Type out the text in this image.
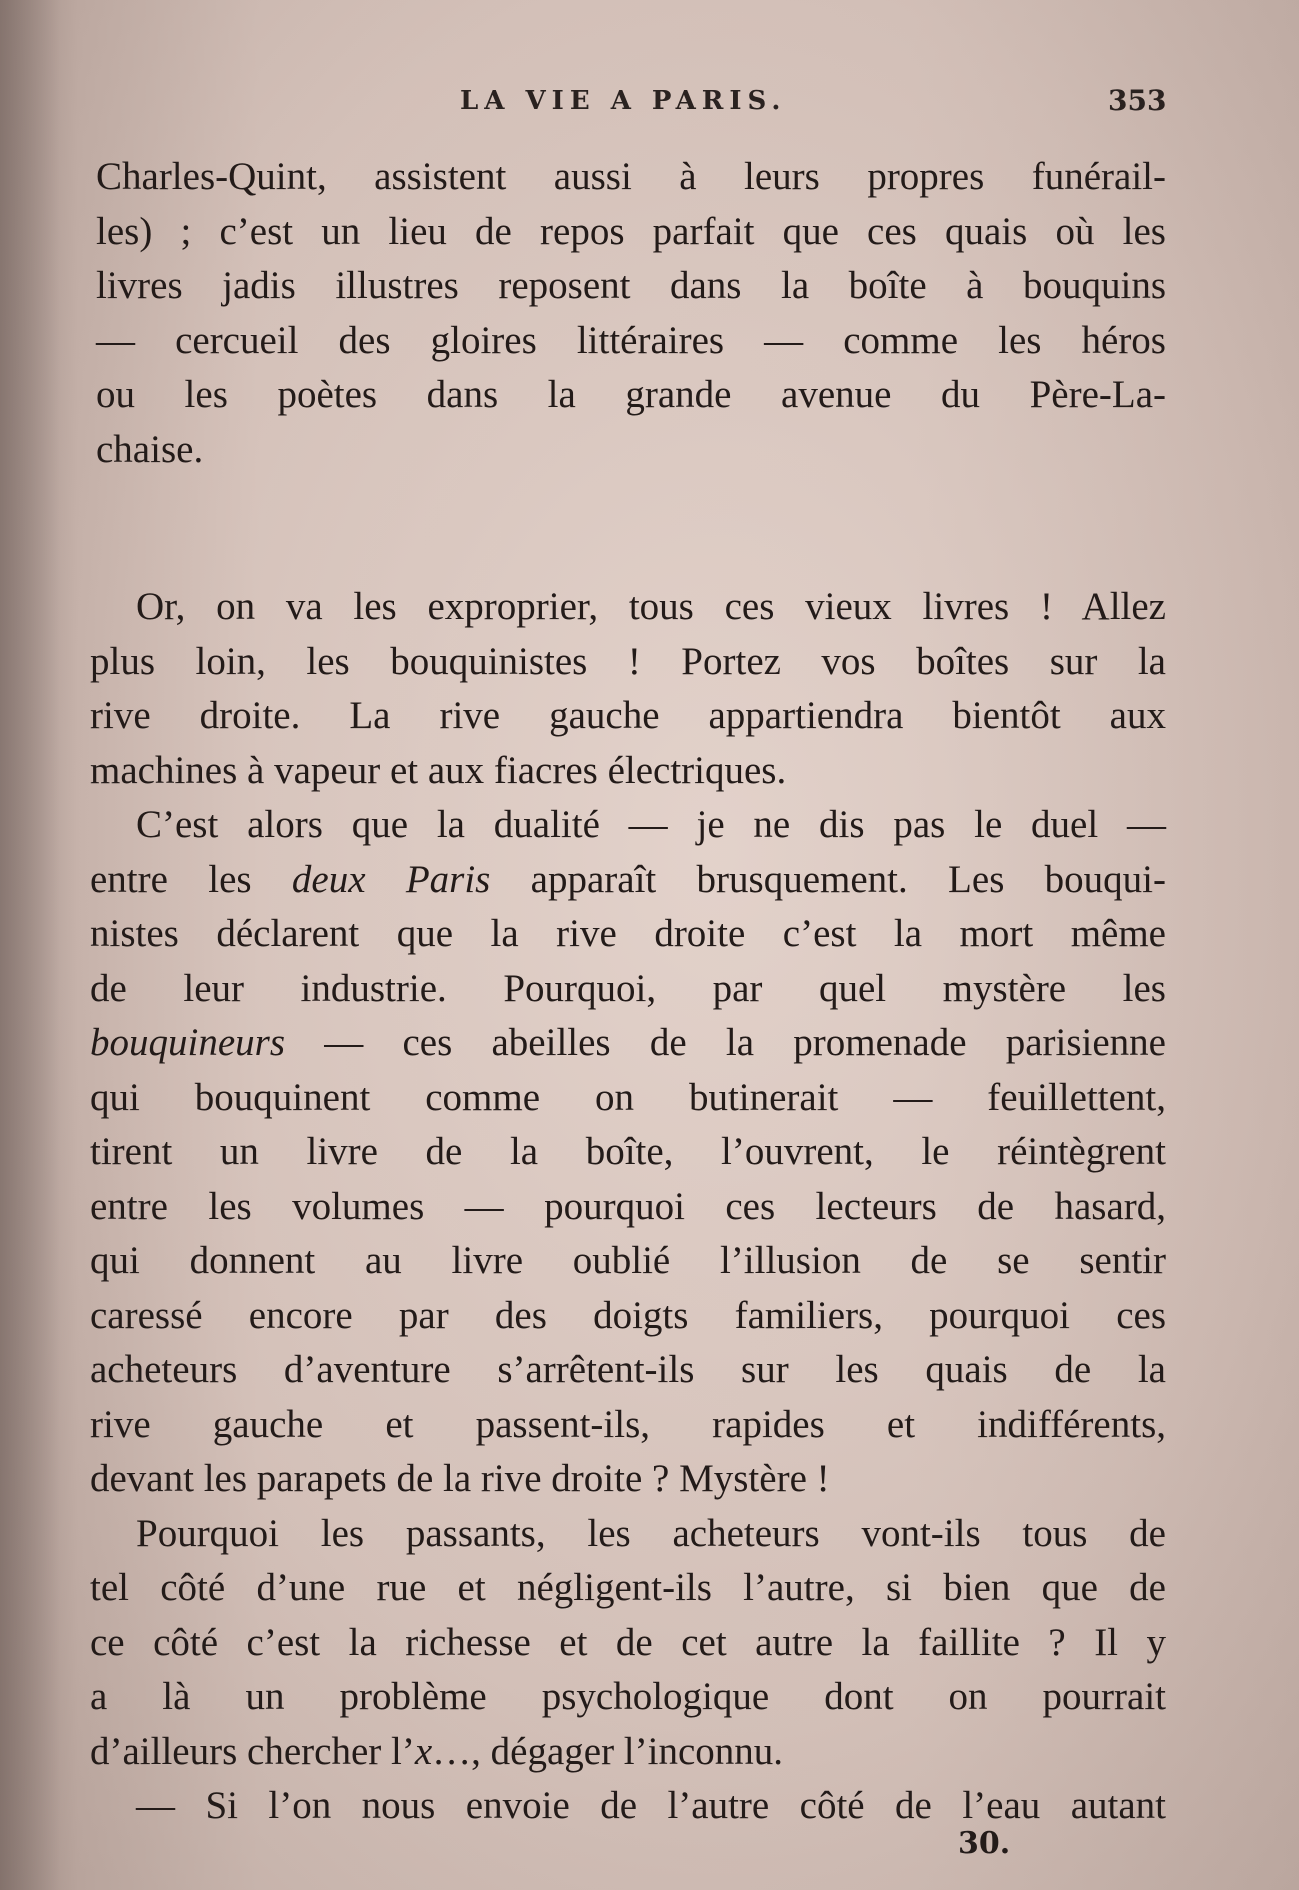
LA VIE A PARIS.	353
Charles-Quint, assistent aussi à leurs propres funérail-
les) ; c’est un lieu de repos parfait que ces quais où les
livres jadis illustres reposent dans la boîte à bouquins
— cercueil des gloires littéraires — comme les héros
ou les poètes dans la grande avenue du Père-La-
chaise.
Or, on va les exproprier, tous ces vieux livres ! Allez
plus loin, les bouquinistes ! Portez vos boîtes sur la
rive droite. La rive gauche appartiendra bientôt aux
machines à vapeur et aux fiacres électriques.
C’est alors que la dualité — je ne dis pas le duel —
entre les deux Paris apparaît brusquement. Les bouqui-
nistes déclarent que la rive droite c’est la mort même
de leur industrie. Pourquoi, par quel mystère les
bouquineurs — ces abeilles de la promenade parisienne
qui bouquinent comme on butinerait — feuillettent,
tirent un livre de la boîte, l’ouvrent, le réintègrent
entre les volumes — pourquoi ces lecteurs de hasard,
qui donnent au livre oublié l’illusion de se sentir
caressé encore par des doigts familiers, pourquoi ces
acheteurs d’aventure s’arrêtent-ils sur les quais de la
rive gauche et passent-ils, rapides et indifférents,
devant les parapets de la rive droite ? Mystère !
Pourquoi les passants, les acheteurs vont-ils tous de
tel côté d’une rue et négligent-ils l’autre, si bien que de
ce côté c’est la richesse et de cet autre la faillite ? Il y
a là un problème psychologique dont on pourrait
d’ailleurs chercher l’x…, dégager l’inconnu.
— Si l’on nous envoie de l’autre côté de l’eau autant
30.
